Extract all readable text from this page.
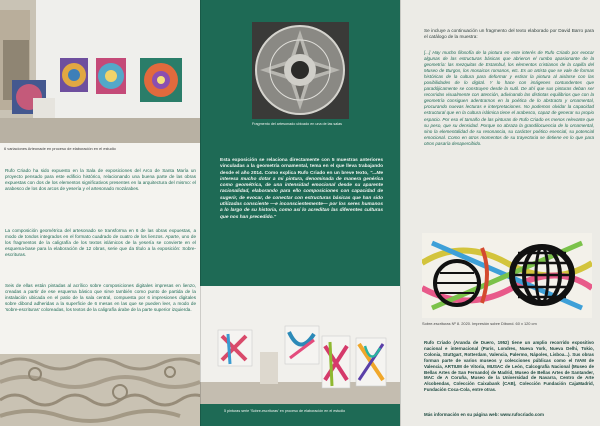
6 variaciones Arteonade en proceso de elaboración en el estudio
Rufo Criado ha sido expuesto en la Sala de exposiciones del Arco de Santa María un proyecto pensado para este edificio histórico, relacionando una buena parte de las obras expuestas con dos de los elementos significativos presentes en la arquitectura del mismo: el arabesco de los dos arcos de yesería y el artesonado mozárabes.
La composición geométrica del artesonado se transforma en 6 de las obras expuestas, a modo de tondos integrados en el formato cuadrado de cuatro de los lienzos. Aparte, uno de los fragmentos de la caligrafía de los textos islámicos de la yesería se convierte en el esquema-base para la elaboración de 12 obras, serie que da título a la exposición: Sobre-escrituras.
Seis de ellas están pintadas al acrílico sobre composiciones digitales impresas en lienzo, creadas a partir de ese esquema básico que sirve también como punto de partida de la instalación ubicada en el patio de la sala central, compuesta por 6 impresiones digitales sobre dibond adheridas a la superficie de 6 mesas en las que se pueden leer, a modo de 'sobre-escrituras' coloreadas, los textos de la caligrafía árabe de la parte superior izquierda.
Fragmento del artesonado ubicado en una de las salas
Esta exposición se relaciona directamente con 5 muestras anteriores vinculadas a la geometría ornamental, tema en el que lleva trabajando desde el año 2014. Como explica Rufo Criado en un breve texto, "...Me interesa mucho dotar a mi pintura, denominada de manera genérica como geométrica, de una intensidad emocional desde su aparente racionalidad, elaborando para ello composiciones con capacidad de sugerir, de evocar, de conectar con estructuras básicas que han sido utilizadas consciente —e inconscientemente— por los seres humanos a lo largo de su historia, como así lo acreditan las diferentes culturas que nos han precedido."
5 pinturas serie 'Sobre-escrituras' en proceso de elaboración en el estudio
Se incluye a continuación un fragmento del texto elaborado por David Barro para el catálogo de la muestra:
[...] Hay mucho filosofía de la pintura en este interés de Rufo Criado por evocar algunas de las estructuras básicas que abrieron el rumbo apasionante de la geometría: las mezquitas de Estambul, los elementos cristianos de la capilla del Museo de Burgos, los mosaicos romanos, etc. Es un artista que se vale de formas históricas de la cultura para deformar y estirar la pintura al aislarse con las posibilidades de lo digital. Y lo hace con imágenes contundentes que paradójicamente se construyen desde la sutil. De ahí que sus pinturas deban ser recorridas visualmente con atención, adivinando las distintas equilibrios que con la geometría consiguen adentrarnos en la poética de lo abstracto y ornamental, procurando nuevas lecturas e interpretaciones. No podemos olvidar la capacidad estructural que en la cultura islámica tiene el arabesco, capaz de generar su propio espacio. Por eso el tamaño de las pinturas de Rufo Criado es menos relevante que su peso, que su densidad. Porque no abraza la grandilocuencia de lo ornamental, sino la elementalidad de su resonancia, su carácter poético esencial, su potencial emocional. Como en otros momentos de su trayectoria se detiene en lo que para otros pasaría desapercibido.
Sobre-escrituras Nº 8. 2020. Impresión sobre Dibond. 60 x 120 cm
Rufo Criado (Aranda de Duero, 1952) tiene un amplio recorrido expositivo nacional e internacional (París, Londres, Nueva York, Nueva Delhi, Tokio, Colonia, Stuttgart, Rotterdam, Valencia, Palermo, Nápoles, Lisboa...). Sus obras forman parte de varios museos y colecciones públicas como el IVAM de Valencia, ARTIUM de Vitoria, MUSAC de León, Calcografía Nacional (Museo de Bellas Artes de San Fernando) de Madrid, Museo de Bellas Artes de Santander, MAC de A Coruña, Museo de la Universidad de Navarra, Centro de Arte Alcobendas, Colección Caixabank (CAB), Colección Fundación CajaMadrid, Fundación Coca-Cola, entre otras.
Más información en su página web: www.rufocriado.com
